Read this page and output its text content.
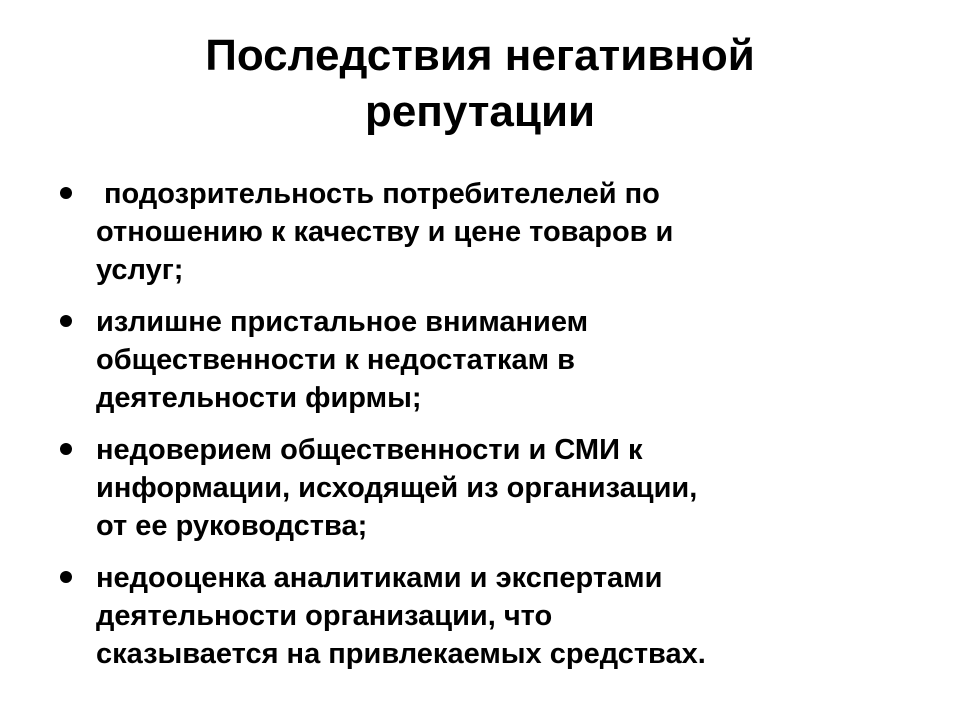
Последствия негативной
репутации
подозрительность потребителелей по
отношению к качеству и цене товаров и
услуг;
излишне пристальное вниманием
общественности к недостаткам в
деятельности фирмы;
недоверием общественности и СМИ к
информации, исходящей из организации,
от ее руководства;
недооценка аналитиками и экспертами
деятельности организации, что
сказывается на привлекаемых средствах.
